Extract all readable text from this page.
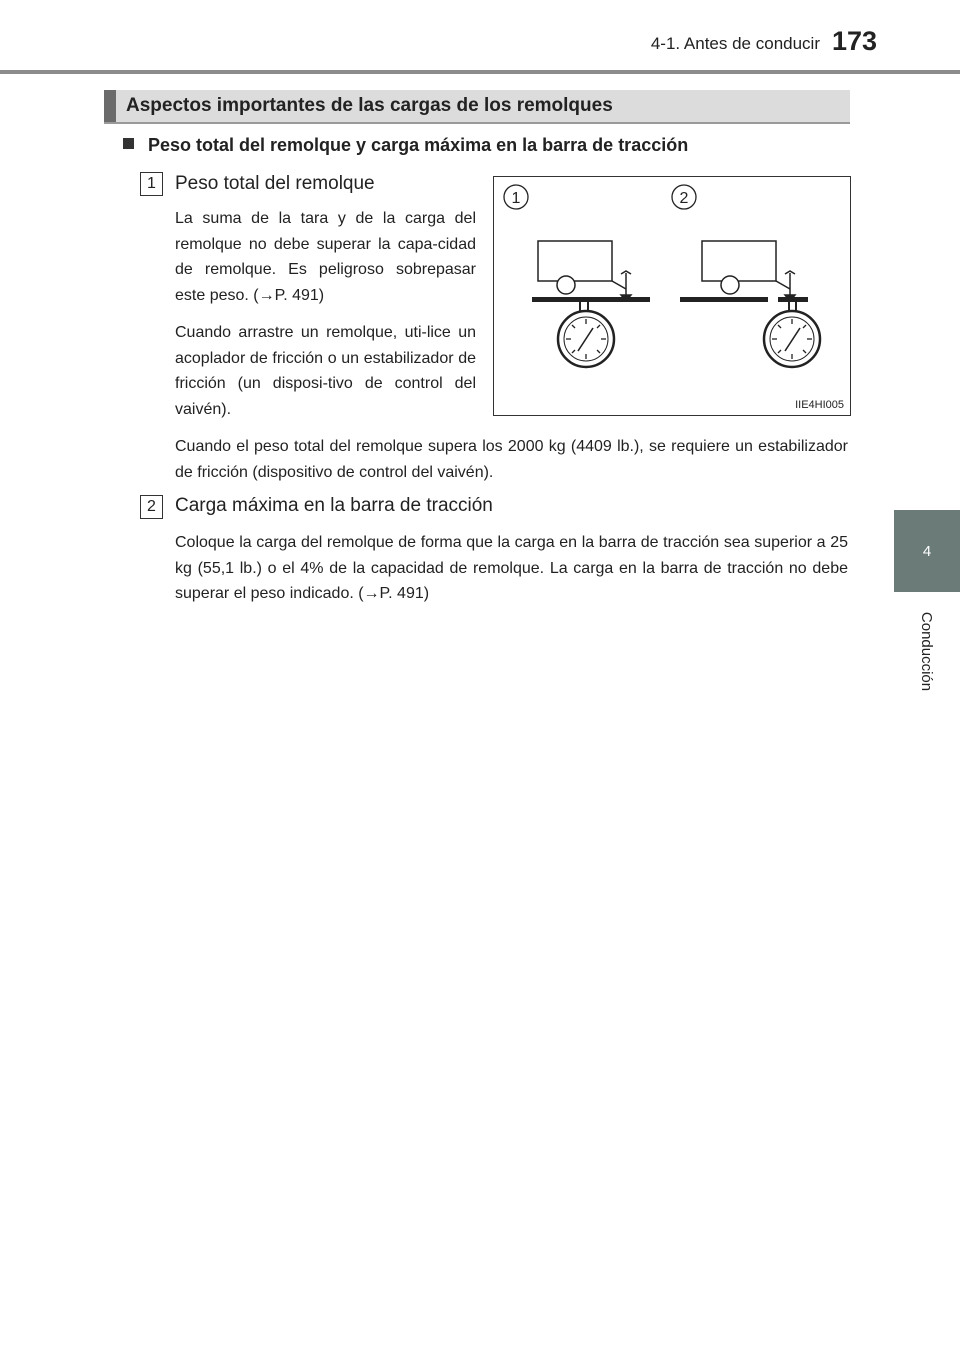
4-1. Antes de conducir 173
4
Conducción
Aspectos importantes de las cargas de los remolques
Peso total del remolque y carga máxima en la barra de tracción
1	Peso total del remolque

La suma de la tara y de la carga del remolque no debe superar la capa-cidad de remolque. Es peligroso sobrepasar este peso. (→P. 491)

Cuando arrastre un remolque, uti-lice un acoplador de fricción o un estabilizador de fricción (un disposi-tivo de control del vaivén).

Cuando el peso total del remolque supera los 2000 kg (4409 lb.), se requiere un estabilizador de fricción (dispositivo de control del vaivén).

1	2
IIE4HI005
2	Carga máxima en la barra de tracción

Coloque la carga del remolque de forma que la carga en la barra de tracción sea superior a 25 kg (55,1 lb.) o el 4% de la capacidad de remolque. La carga en la barra de tracción no debe superar el peso indicado. (→P. 491)
